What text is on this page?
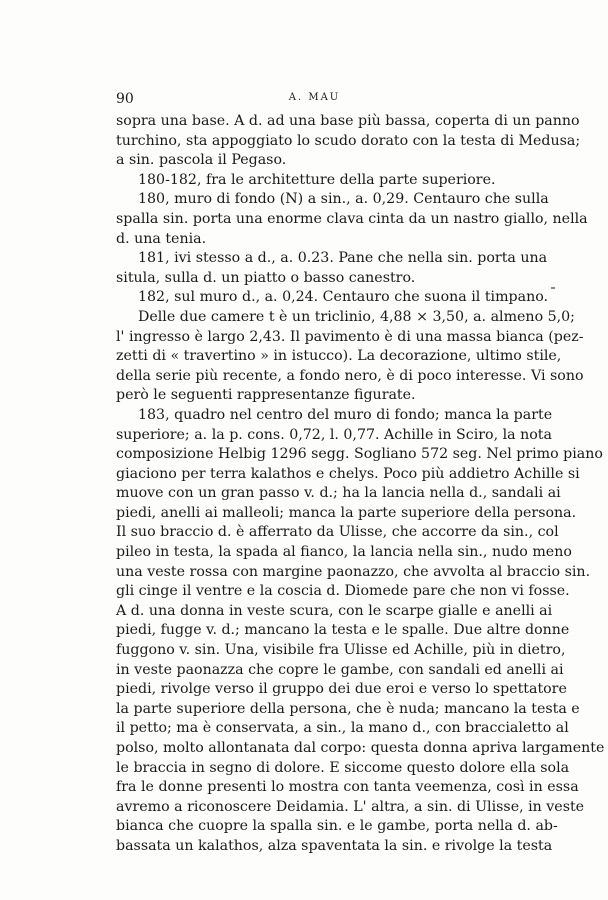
90	A. MAU
sopra una base. A d. ad una base più bassa, coperta di un panno
turchino, sta appoggiato lo scudo dorato con la testa di Medusa;
a sin. pascola il Pegaso.
180-182, fra le architetture della parte superiore.
180, muro di fondo (N) a sin., a. 0,29. Centauro che sulla
spalla sin. porta una enorme clava cinta da un nastro giallo, nella
d. una tenia.
181, ivi stesso a d., a. 0.23. Pane che nella sin. porta una
situla, sulla d. un piatto o basso canestro.
182, sul muro d., a. 0,24. Centauro che suona il timpano.
Delle due camere t è un triclinio, 4,88 × 3,50, a. almeno 5,0;
l' ingresso è largo 2,43. Il pavimento è di una massa bianca (pez-
zetti di « travertino » in istucco). La decorazione, ultimo stile,
della serie più recente, a fondo nero, è di poco interesse. Vi sono
però le seguenti rappresentanze figurate.
183, quadro nel centro del muro di fondo; manca la parte
superiore; a. la p. cons. 0,72, l. 0,77. Achille in Sciro, la nota
composizione Helbig 1296 segg. Sogliano 572 seg. Nel primo piano
giaciono per terra kalathos e chelys. Poco più addietro Achille si
muove con un gran passo v. d.; ha la lancia nella d., sandali ai
piedi, anelli ai malleoli; manca la parte superiore della persona.
Il suo braccio d. è afferrato da Ulisse, che accorre da sin., col
pileo in testa, la spada al fianco, la lancia nella sin., nudo meno
una veste rossa con margine paonazzo, che avvolta al braccio sin.
gli cinge il ventre e la coscia d. Diomede pare che non vi fosse.
A d. una donna in veste scura, con le scarpe gialle e anelli ai
piedi, fugge v. d.; mancano la testa e le spalle. Due altre donne
fuggono v. sin. Una, visibile fra Ulisse ed Achille, più in dietro,
in veste paonazza che copre le gambe, con sandali ed anelli ai
piedi, rivolge verso il gruppo dei due eroi e verso lo spettatore
la parte superiore della persona, che è nuda; mancano la testa e
il petto; ma è conservata, a sin., la mano d., con braccialetto al
polso, molto allontanata dal corpo: questa donna apriva largamente
le braccia in segno di dolore. E siccome questo dolore ella sola
fra le donne presenti lo mostra con tanta veemenza, così in essa
avremo a riconoscere Deidamia. L' altra, a sin. di Ulisse, in veste
bianca che cuopre la spalla sin. e le gambe, porta nella d. ab-
bassata un kalathos, alza spaventata la sin. e rivolge la testa
